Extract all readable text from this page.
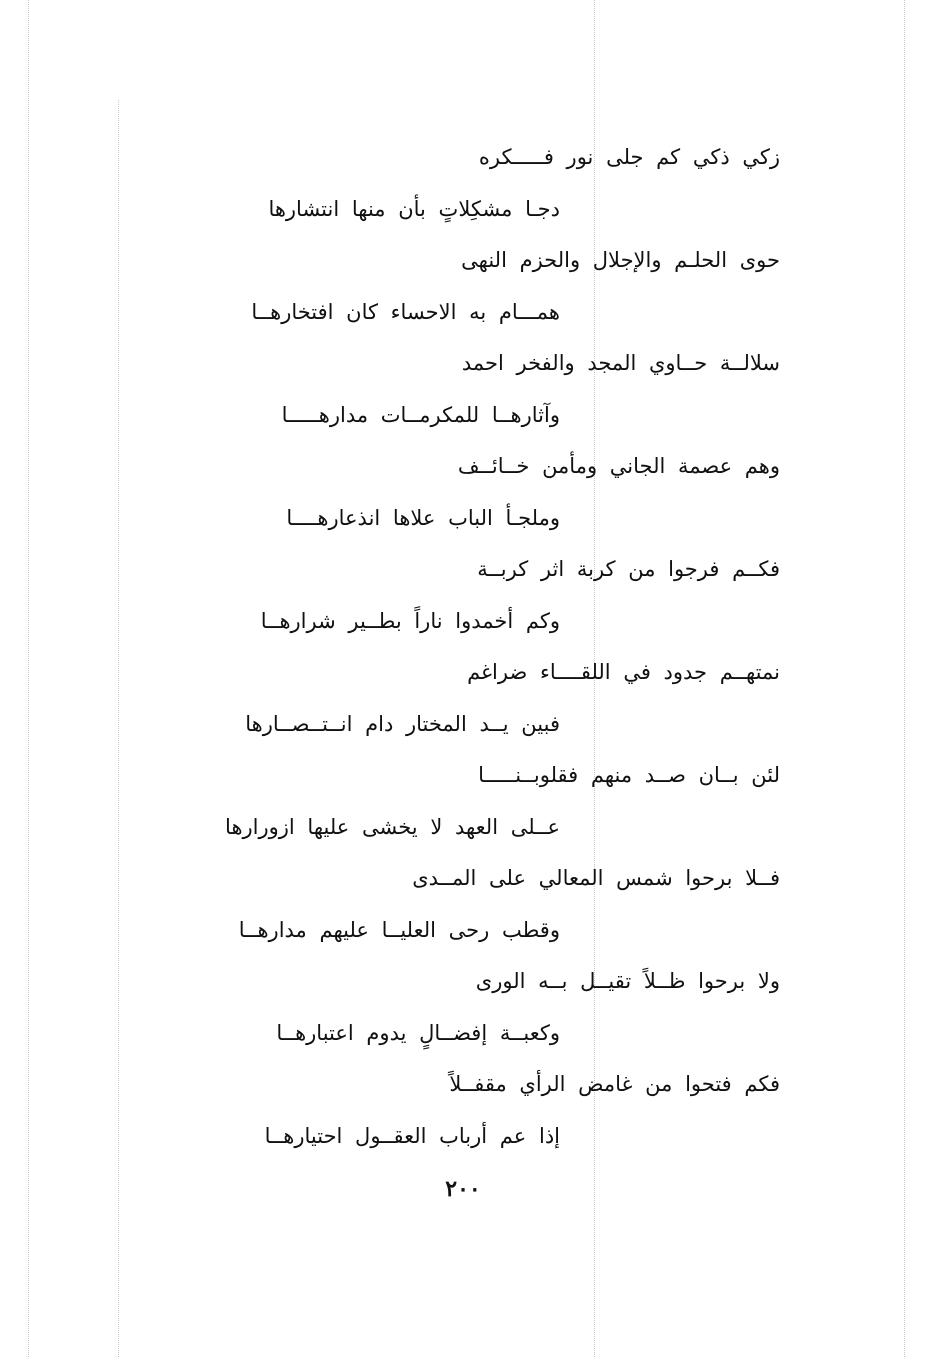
زكي ذكي كم جلى نور فـــــكره
دجـا مشكِلاتٍ بأن منها انتشارها
حوى الحلـم والإجلال والحزم النهى
همـــام به الاحساء كان افتخارهــا
سلالــة حــاوي المجد والفخر احمد
وآثارهــا للمكرمــات مدارهـــــا
وهم عصمة الجاني ومأمن خــائــف
وملجـأ الباب علاها انذعارهــــا
فكــم فرجوا من كربة اثر كربــة
وكم أخمدوا ناراً بطــير شرارهــا
نمتهــم جدود في اللقــــاء ضراغم
فبين يــد المختار دام انــتــصــارها
لئن بــان صــد منهم فقلوبــنـــــا
عــلى العهد لا يخشى عليها ازورارها
فــلا برحوا شمس المعالي على المــدى
وقطب رحى العليــا عليهم مدارهــا
ولا برحوا ظــلاً تقيــل بــه الورى
وكعبــة إفضــالٍ يدوم اعتبارهــا
فكم فتحوا من غامض الرأي مقفــلاً
إذا عم أرباب العقــول احتيارهــا
٢٠٠
